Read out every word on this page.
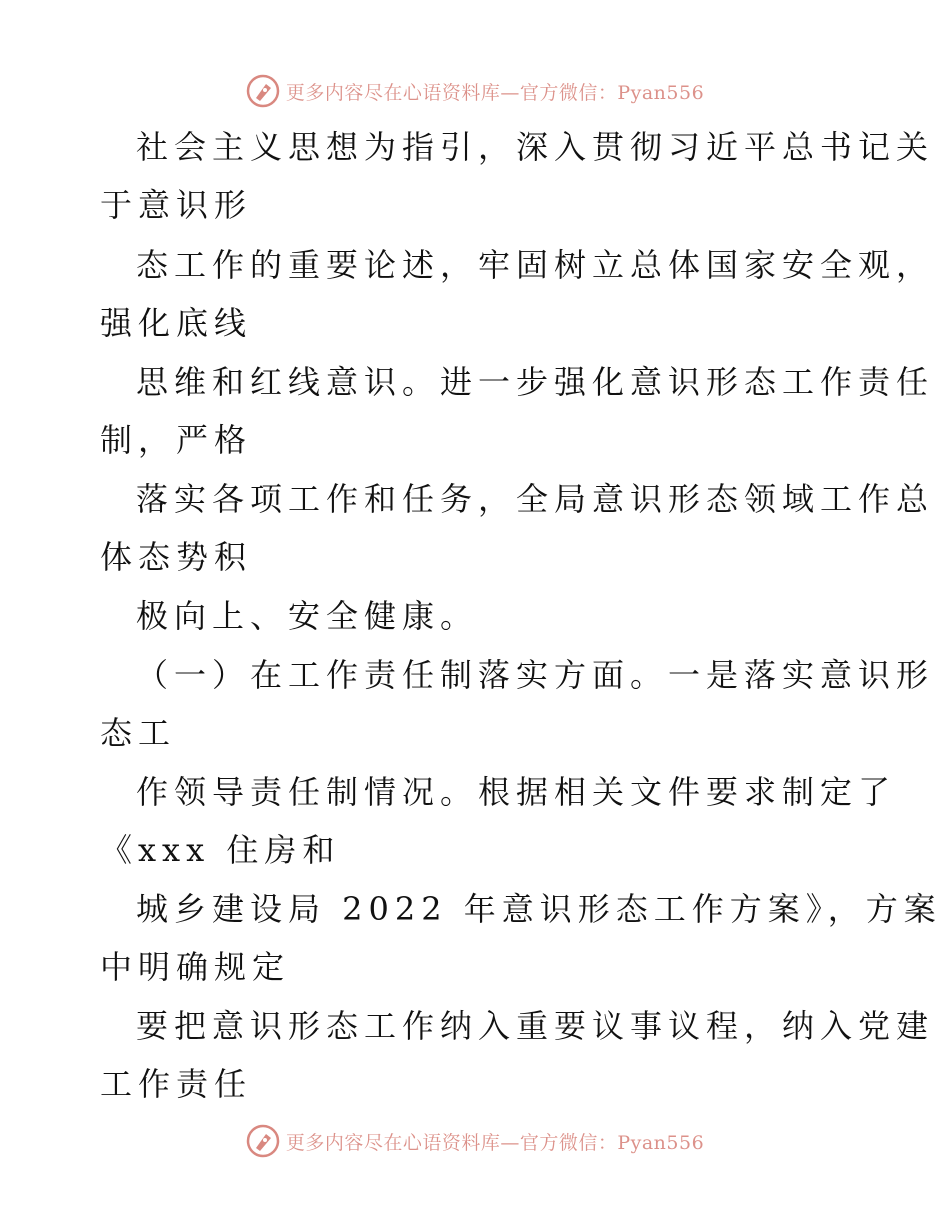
更多内容尽在心语资料库—官方微信：Pyan556
社会主义思想为指引，深入贯彻习近平总书记关
于意识形
态工作的重要论述，牢固树立总体国家安全观，
强化底线
思维和红线意识。进一步强化意识形态工作责任
制，严格
落实各项工作和任务，全局意识形态领域工作总
体态势积
极向上、安全健康。
（一）在工作责任制落实方面。一是落实意识形
态工
作领导责任制情况。根据相关文件要求制定了
《xxx 住房和
城乡建设局 2022 年意识形态工作方案》，方案
中明确规定
要把意识形态工作纳入重要议事议程，纳入党建
工作责任
更多内容尽在心语资料库—官方微信：Pyan556
